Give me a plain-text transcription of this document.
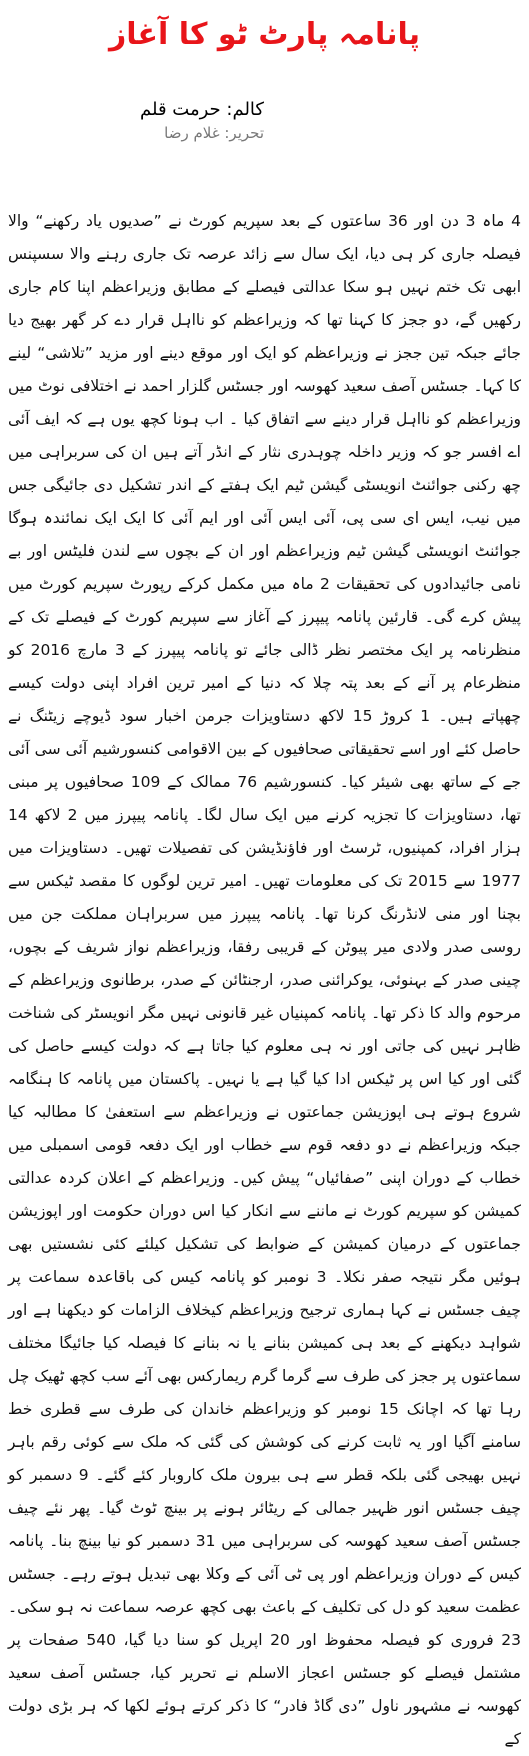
پانامہ پارٹ ٹو کا آغاز
کالم: حرمت قلم
تحریر: غلام رضا
4 ماہ 3 دن اور 36 ساعتوں کے بعد سپریم کورٹ نے ”صدیوں یاد رکھنے“ والا فیصلہ جاری کر ہی دیا، ایک سال سے زائد عرصہ تک جاری رہنے والا سسپنس ابھی تک ختم نہیں ہو سکا عدالتی فیصلے کے مطابق وزیراعظم اپنا کام جاری رکھیں گے، دو ججز کا کہنا تھا کہ وزیراعظم کو نااہل قرار دے کر گھر بھیج دیا جائے جبکہ تین ججز نے وزیراعظم کو ایک اور موقع دینے اور مزید ”تلاشی“ لینے کا کہا۔ جسٹس آصف سعید کھوسہ اور جسٹس گلزار احمد نے اختلافی نوٹ میں وزیراعظم کو نااہل قرار دینے سے اتفاق کیا ۔ اب ہونا کچھ یوں ہے کہ ایف آئی اے افسر جو کہ وزیر داخلہ چوہدری نثار کے انڈر آتے ہیں ان کی سربراہی میں چھ رکنی جوائنٹ انویسٹی گیشن ٹیم ایک ہفتے کے اندر تشکیل دی جائیگی جس میں نیب، ایس ای سی پی، آئی ایس آئی اور ایم آئی کا ایک ایک نمائندہ ہوگا جوائنٹ انویسٹی گیشن ٹیم وزیراعظم اور ان کے بچوں سے لندن فلیٹس اور بے نامی جائیدادوں کی تحقیقات 2 ماہ میں مکمل کرکے رپورٹ سپریم کورٹ میں پیش کرے گی۔ قارئین پانامہ پیپرز کے آغاز سے سپریم کورٹ کے فیصلے تک کے منظرنامہ پر ایک مختصر نظر ڈالی جائے تو پانامہ پیپرز کے 3 مارچ 2016 کو منظرعام پر آنے کے بعد پتہ چلا کہ دنیا کے امیر ترین افراد اپنی دولت کیسے چھپاتے ہیں۔ 1 کروڑ 15 لاکھ دستاویزات جرمن اخبار سود ڈیوچے زیٹنگ نے حاصل کئے اور اسے تحقیقاتی صحافیوں کے بین الاقوامی کنسورشیم آئی سی آئی جے کے ساتھ بھی شیئر کیا۔ کنسورشیم 76 ممالک کے 109 صحافیوں پر مبنی تھا، دستاویزات کا تجزیہ کرنے میں ایک سال لگا۔ پانامہ پیپرز میں 2 لاکھ 14 ہزار افراد، کمپنیوں، ٹرسٹ اور فاؤنڈیشن کی تفصیلات تھیں۔ دستاویزات میں 1977 سے 2015 تک کی معلومات تھیں۔ امیر ترین لوگوں کا مقصد ٹیکس سے بچنا اور منی لانڈرنگ کرنا تھا۔ پانامہ پیپرز میں سربراہان مملکت جن میں روسی صدر ولادی میر پیوٹن کے قریبی رفقا، وزیراعظم نواز شریف کے بچوں، چینی صدر کے بہنوئی، یوکرائنی صدر، ارجنٹائن کے صدر، برطانوی وزیراعظم کے مرحوم والد کا ذکر تھا۔ پانامہ کمپنیاں غیر قانونی نہیں مگر انویسٹر کی شناخت ظاہر نہیں کی جاتی اور نہ ہی معلوم کیا جاتا ہے کہ دولت کیسے حاصل کی گئی اور کیا اس پر ٹیکس ادا کیا گیا ہے یا نہیں۔ پاکستان میں پانامہ کا ہنگامہ شروع ہوتے ہی اپوزیشن جماعتوں نے وزیراعظم سے استعفیٰ کا مطالبہ کیا جبکہ وزیراعظم نے دو دفعہ قوم سے خطاب اور ایک دفعہ قومی اسمبلی میں خطاب کے دوران اپنی ”صفائیاں“ پیش کیں۔ وزیراعظم کے اعلان کردہ عدالتی کمیشن کو سپریم کورٹ نے ماننے سے انکار کیا اس دوران حکومت اور اپوزیشن جماعتوں کے درمیان کمیشن کے ضوابط کی تشکیل کیلئے کئی نشستیں بھی ہوئیں مگر نتیجہ صفر نکلا۔ 3 نومبر کو پانامہ کیس کی باقاعدہ سماعت پر چیف جسٹس نے کہا ہماری ترجیح وزیراعظم کیخلاف الزامات کو دیکھنا ہے اور شواہد دیکھنے کے بعد ہی کمیشن بنانے یا نہ بنانے کا فیصلہ کیا جائیگا مختلف سماعتوں پر ججز کی طرف سے گرما گرم ریمارکس بھی آئے سب کچھ ٹھیک چل رہا تھا کہ اچانک 15 نومبر کو وزیراعظم خاندان کی طرف سے قطری خط سامنے آگیا اور یہ ثابت کرنے کی کوشش کی گئی کہ ملک سے کوئی رقم باہر نہیں بھیجی گئی بلکہ قطر سے ہی بیرون ملک کاروبار کئے گئے۔ 9 دسمبر کو چیف جسٹس انور ظہیر جمالی کے ریٹائر ہونے پر بینچ ٹوٹ گیا۔ پھر نئے چیف جسٹس آصف سعید کھوسہ کی سربراہی میں 31 دسمبر کو نیا بینچ بنا۔ پانامہ کیس کے دوران وزیراعظم اور پی ٹی آئی کے وکلا بھی تبدیل ہوتے رہے۔ جسٹس عظمت سعید کو دل کی تکلیف کے باعث بھی کچھ عرصہ سماعت نہ ہو سکی۔ 23 فروری کو فیصلہ محفوظ اور 20 اپریل کو سنا دیا گیا، 540 صفحات پر مشتمل فیصلے کو جسٹس اعجاز الاسلم نے تحریر کیا، جسٹس آصف سعید کھوسہ نے مشہور ناول ”دی گاڈ فادر“ کا ذکر کرتے ہوئے لکھا کہ ہر بڑی دولت کے
